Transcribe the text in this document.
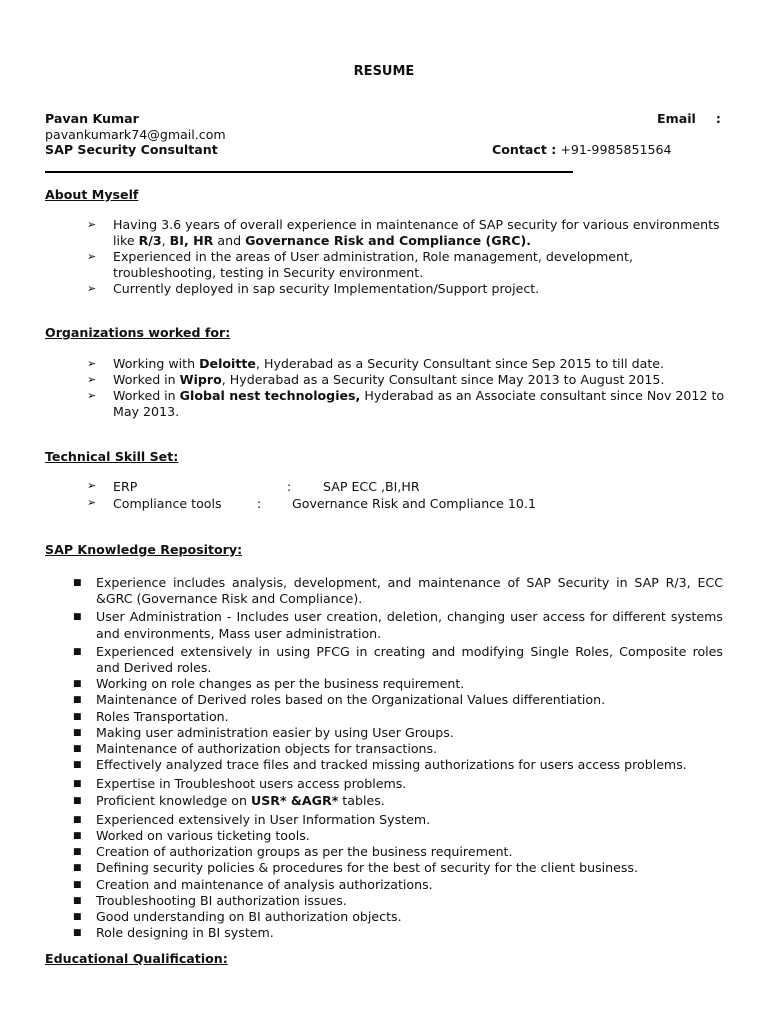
RESUME
Pavan Kumar
pavankumark74@gmail.com
SAP Security Consultant
Email :
Contact : +91-9985851564
About Myself
➢ Having 3.6 years of overall experience in maintenance of SAP security for various environments like R/3, BI, HR and Governance Risk and Compliance (GRC).
➢ Experienced in the areas of User administration, Role management, development, troubleshooting, testing in Security environment.
➢ Currently deployed in sap security Implementation/Support project.
Organizations worked for:
➢ Working with Deloitte, Hyderabad as a Security Consultant since Sep 2015 to till date.
➢ Worked in Wipro, Hyderabad as a Security Consultant since May 2013 to August 2015.
➢ Worked in Global nest technologies, Hyderabad as an Associate consultant since Nov 2012 to May 2013.
Technical Skill Set:
➢ ERP	:	SAP ECC ,BI,HR
➢ Compliance tools	: Governance Risk and Compliance 10.1
SAP Knowledge Repository:
■ Experience includes analysis, development, and maintenance of SAP Security in SAP R/3, ECC &GRC (Governance Risk and Compliance).
■ User Administration - Includes user creation, deletion, changing user access for different systems and environments, Mass user administration.
■ Experienced extensively in using PFCG in creating and modifying Single Roles, Composite roles and Derived roles.
■ Working on role changes as per the business requirement.
■ Maintenance of Derived roles based on the Organizational Values differentiation.
■ Roles Transportation.
■ Making user administration easier by using User Groups.
■ Maintenance of authorization objects for transactions.
■ Effectively analyzed trace files and tracked missing authorizations for users access problems.
■ Expertise in Troubleshoot users access problems.
■ Proficient knowledge on USR* &AGR* tables.
■ Experienced extensively in User Information System.
■ Worked on various ticketing tools.
■ Creation of authorization groups as per the business requirement.
■ Defining security policies & procedures for the best of security for the client business.
■ Creation and maintenance of analysis authorizations.
■ Troubleshooting BI authorization issues.
■ Good understanding on BI authorization objects.
■ Role designing in BI system.
Educational Qualification:
